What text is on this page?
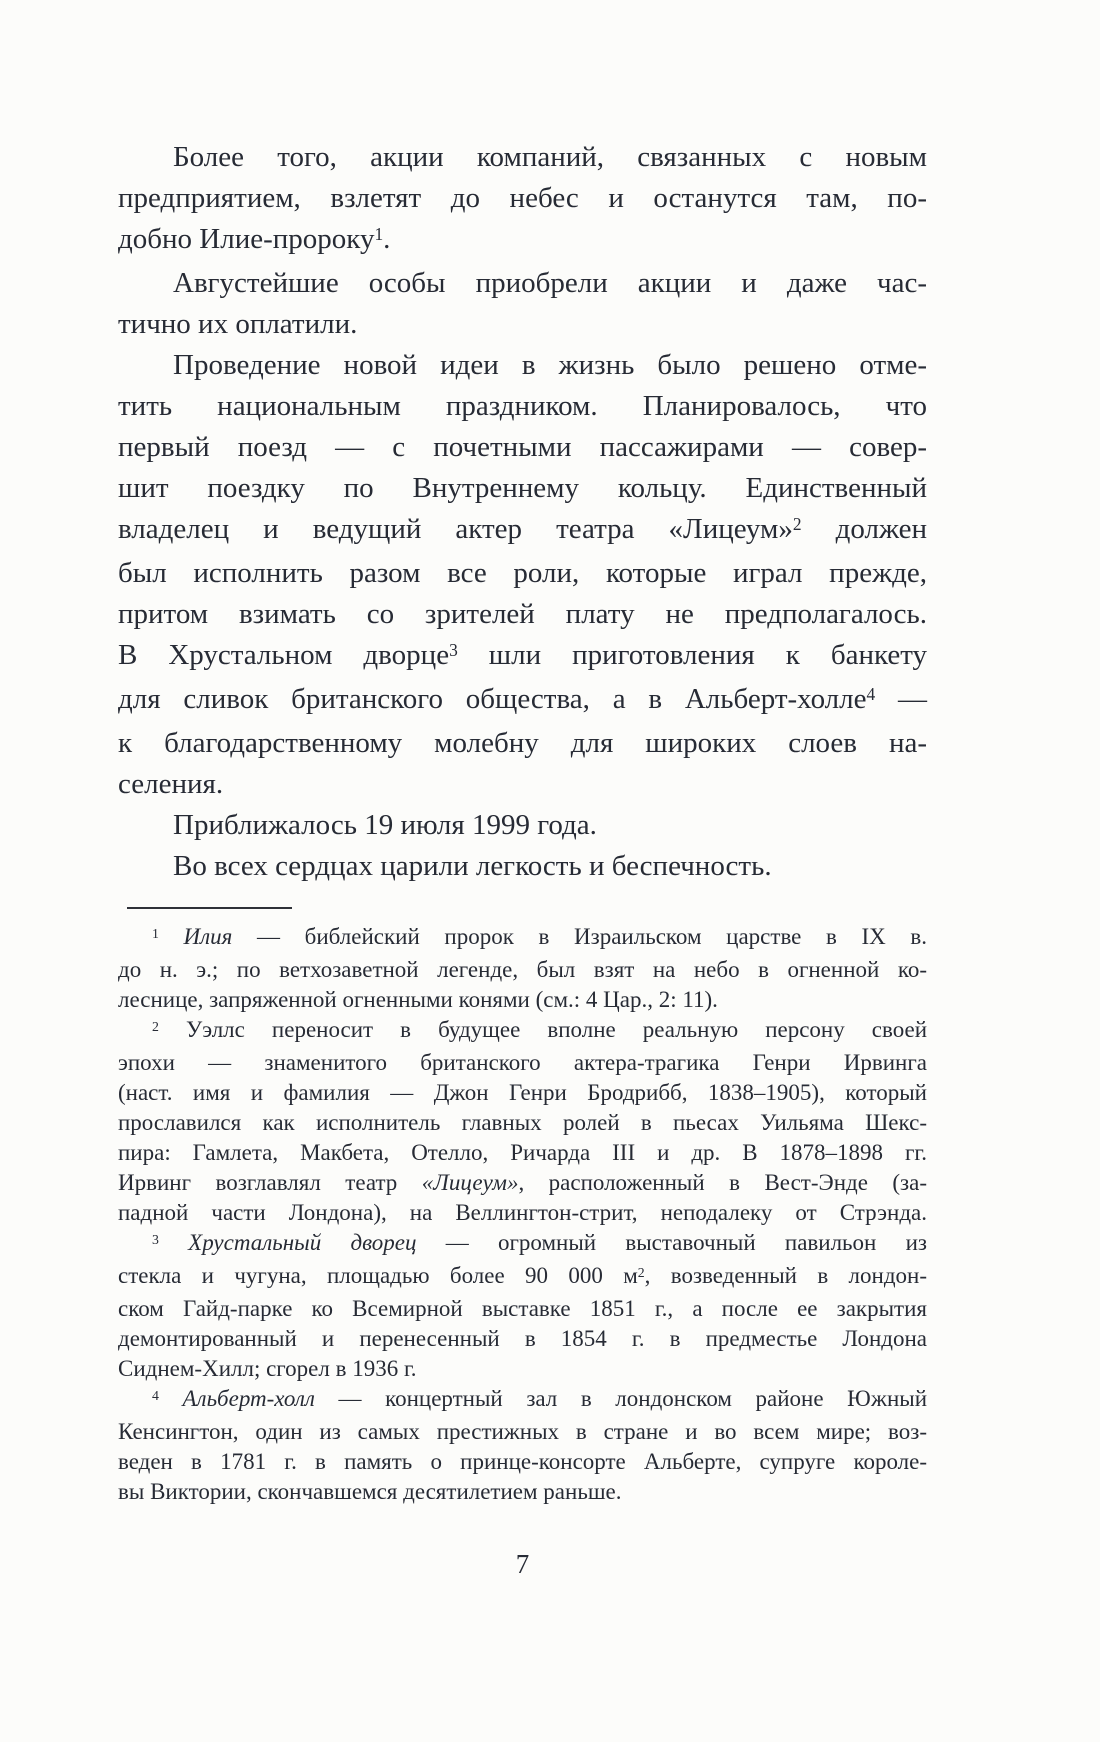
Более того, акции компаний, связанных с новым
предприятием, взлетят до небес и останутся там, по-
добно Илие-пророку$^1$.
Августейшие особы приобрели акции и даже час-
тично их оплатили.
Проведение новой идеи в жизнь было решено отме-
тить национальным праздником. Планировалось, что
первый поезд — с почетными пассажирами — совер-
шит поездку по Внутреннему кольцу. Единственный
владелец и ведущий актер театра «Лицеум»$^2$ должен
был исполнить разом все роли, которые играл прежде,
притом взимать со зрителей плату не предполагалось.
В Хрустальном дворце$^3$ шли приготовления к банкету
для сливок британского общества, а в Альберт-холле$^4$ —
к благодарственному молебну для широких слоев на-
селения.
Приближалось 19 июля 1999 года.
Во всех сердцах царили легкость и беспечность.
$^1$ Илия — библейский пророк в Израильском царстве в IX в.
до н. э.; по ветхозаветной легенде, был взят на небо в огненной ко-
леснице, запряженной огненными конями (см.: 4 Цар., 2: 11).
$^2$ Уэллс переносит в будущее вполне реальную персону своей
эпохи — знаменитого британского актера-трагика Генри Ирвинга
(наст. имя и фамилия — Джон Генри Бродрибб, 1838–1905), который
прославился как исполнитель главных ролей в пьесах Уильяма Шекс-
пира: Гамлета, Макбета, Отелло, Ричарда III и др. В 1878–1898 гг.
Ирвинг возглавлял театр «Лицеум», расположенный в Вест-Энде (за-
падной части Лондона), на Веллингтон-стрит, неподалеку от Стрэнда.
$^3$ Хрустальный дворец — огромный выставочный павильон из
стекла и чугуна, площадью более 90 000 $м^2$, возведенный в лондон-
ском Гайд-парке ко Всемирной выставке 1851 г., а после ее закрытия
демонтированный и перенесенный в 1854 г. в предместье Лондона
Сиднем-Хилл; сгорел в 1936 г.
$^4$ Альберт-холл — концертный зал в лондонском районе Южный
Кенсингтон, один из самых престижных в стране и во всем мире; воз-
веден в 1781 г. в память о принце-консорте Альберте, супруге короле-
вы Виктории, скончавшемся десятилетием раньше.
7
